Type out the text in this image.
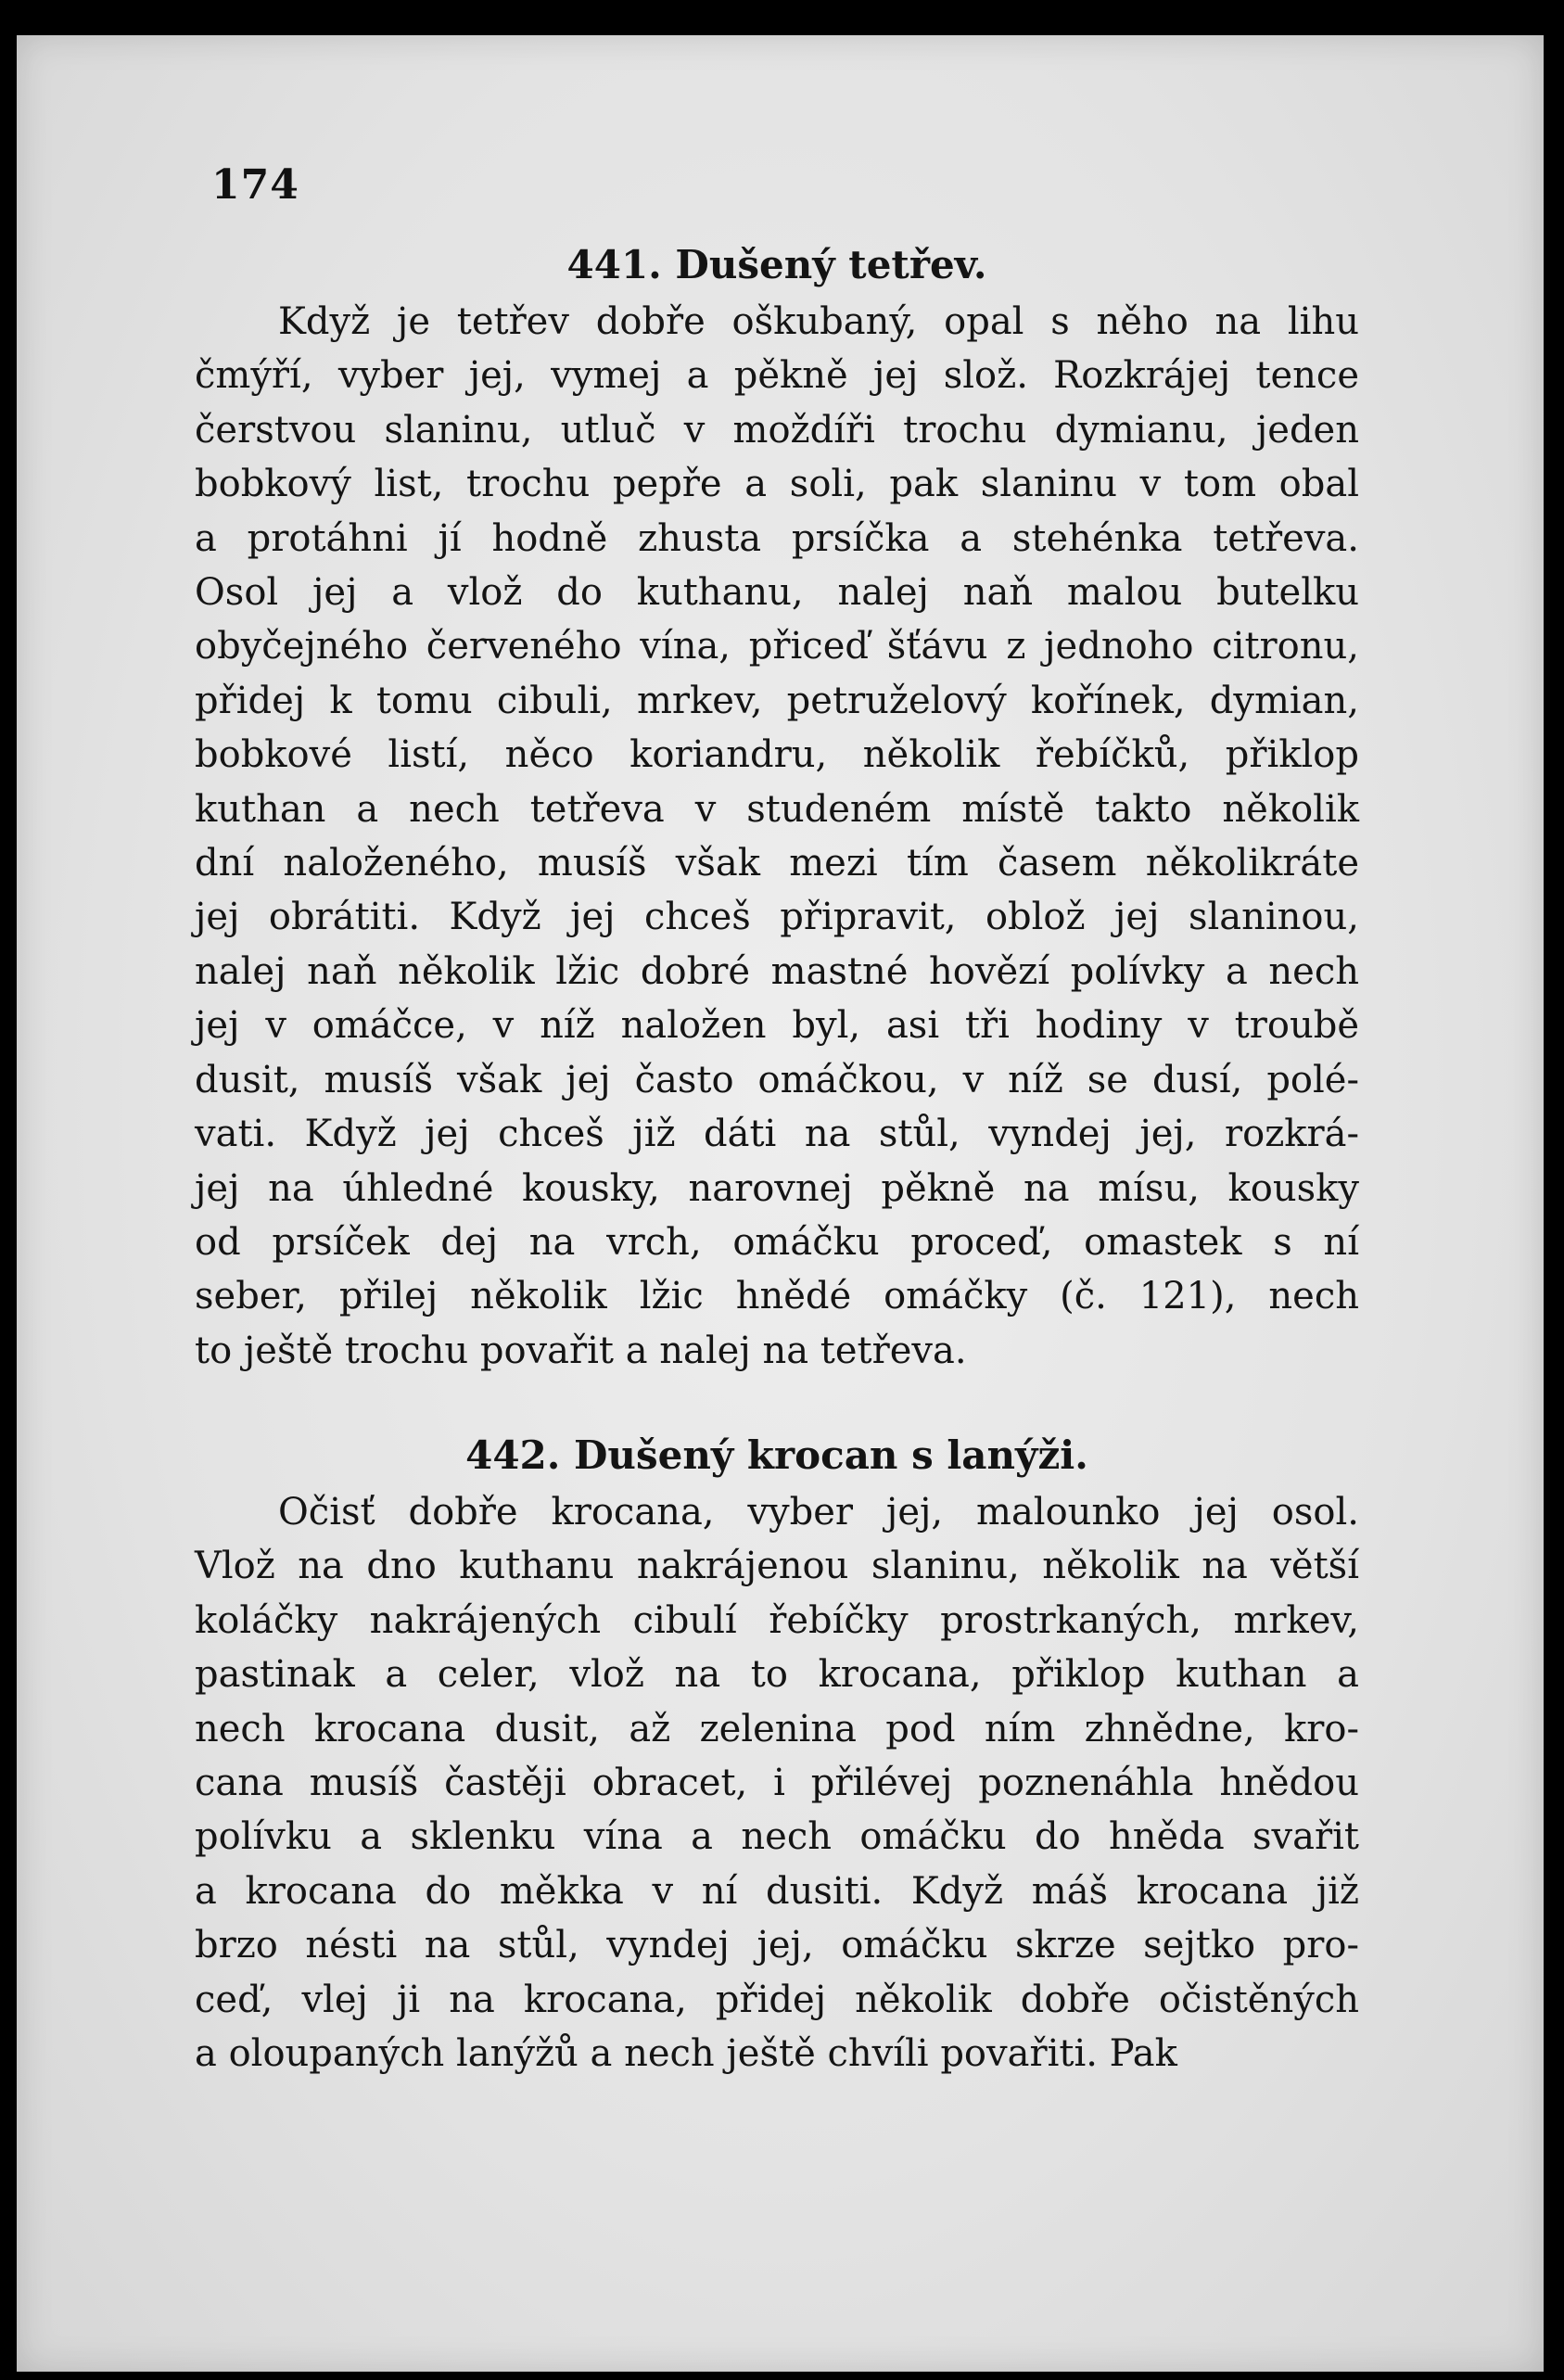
174
441. Dušený tetřev.
Když je tetřev dobře oškubaný, opal s něho na lihu
čmýří, vyber jej, vymej a pěkně jej slož. Rozkrájej tence
čerstvou slaninu, utluč v moždíři trochu dymianu, jeden
bobkový list, trochu pepře a soli, pak slaninu v tom obal
a protáhni jí hodně zhusta prsíčka a stehénka tetřeva.
Osol jej a vlož do kuthanu, nalej naň malou butelku
obyčejného červeného vína, přiceď šťávu z jednoho citronu,
přidej k tomu cibuli, mrkev, petruželový kořínek, dymian,
bobkové listí, něco koriandru, několik řebíčků, přiklop
kuthan a nech tetřeva v studeném místě takto několik
dní naloženého, musíš však mezi tím časem několikráte
jej obrátiti. Když jej chceš připravit, oblož jej slaninou,
nalej naň několik lžic dobré mastné hovězí polívky a nech
jej v omáčce, v níž naložen byl, asi tři hodiny v troubě
dusit, musíš však jej často omáčkou, v níž se dusí, polé-
vati. Když jej chceš již dáti na stůl, vyndej jej, rozkrá-
jej na úhledné kousky, narovnej pěkně na mísu, kousky
od prsíček dej na vrch, omáčku proceď, omastek s ní
seber, přilej několik lžic hnědé omáčky (č. 121), nech
to ještě trochu povařit a nalej na tetřeva.
442. Dušený krocan s lanýži.
Očisť dobře krocana, vyber jej, malounko jej osol.
Vlož na dno kuthanu nakrájenou slaninu, několik na větší
koláčky nakrájených cibulí řebíčky prostrkaných, mrkev,
pastinak a celer, vlož na to krocana, přiklop kuthan a
nech krocana dusit, až zelenina pod ním zhnědne, kro-
cana musíš častěji obracet, i přilévej poznenáhla hnědou
polívku a sklenku vína a nech omáčku do hněda svařit
a krocana do měkka v ní dusiti. Když máš krocana již
brzo nésti na stůl, vyndej jej, omáčku skrze sejtko pro-
ceď, vlej ji na krocana, přidej několik dobře očistěných
a oloupaných lanýžů a nech ještě chvíli povařiti. Pak
